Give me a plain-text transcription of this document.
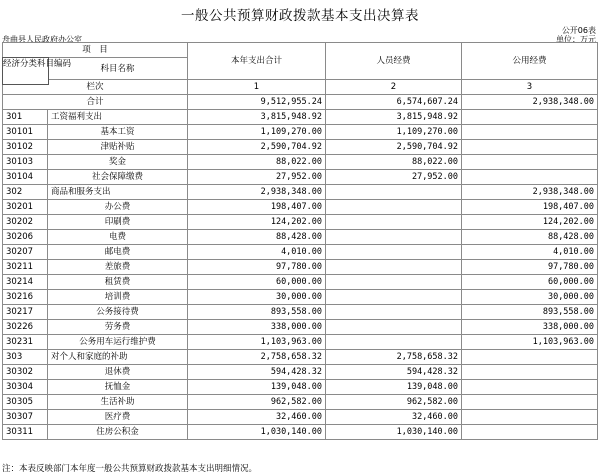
一般公共预算财政拨款基本支出决算表
公开06表
舟曲县人民政府办公室	单位：万元
项　目		本年支出合计	人员经费	公用经费

经济分类科目编码	科目名称			
栏次		1	2	3
合计		9,512,955.24	6,574,607.24	2,938,348.00
301	工资福利支出	3,815,948.92	3,815,948.92	
30101	基本工资	1,109,270.00	1,109,270.00	
30102	津贴补贴	2,590,704.92	2,590,704.92	
30103	奖金	88,022.00	88,022.00	
30104	社会保障缴费	27,952.00	27,952.00	
302	商品和服务支出	2,938,348.00		2,938,348.00
30201	办公费	198,407.00		198,407.00
30202	印刷费	124,202.00		124,202.00
30206	电费	88,428.00		88,428.00
30207	邮电费	4,010.00		4,010.00
30211	差旅费	97,780.00		97,780.00
30214	租赁费	60,000.00		60,000.00
30216	培训费	30,000.00		30,000.00
30217	公务接待费	893,558.00		893,558.00
30226	劳务费	338,000.00		338,000.00
30231	公务用车运行维护费	1,103,963.00		1,103,963.00
303	对个人和家庭的补助	2,758,658.32	2,758,658.32	
30302	退休费	594,428.32	594,428.32	
30304	抚恤金	139,048.00	139,048.00	
30305	生活补助	962,582.00	962,582.00	
30307	医疗费	32,460.00	32,460.00	
30311	住房公积金	1,030,140.00	1,030,140.00	
注：本表反映部门本年度一般公共预算财政拨款基本支出明细情况。
